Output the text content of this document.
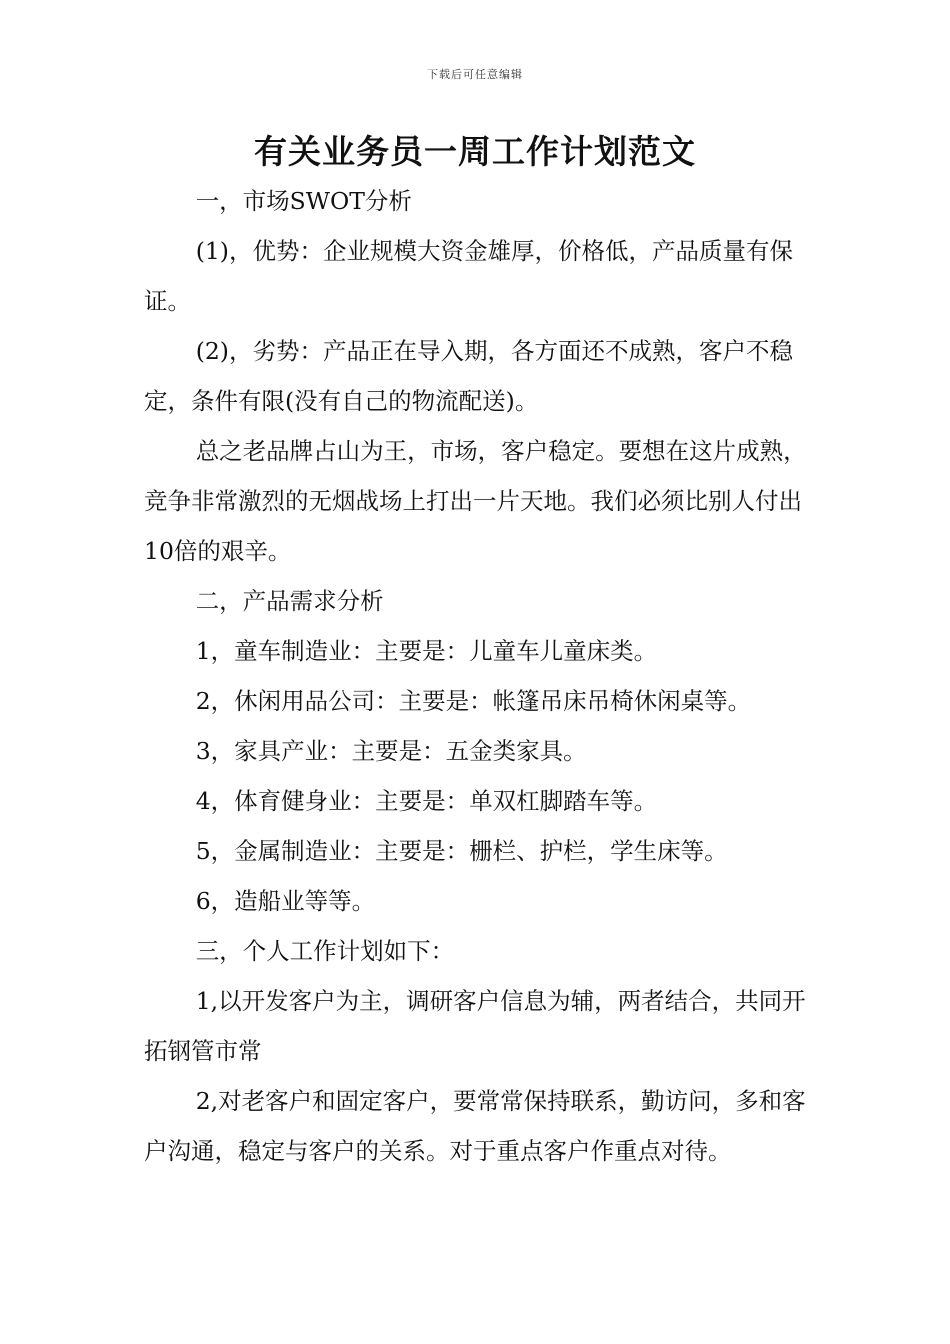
下载后可任意编辑
有关业务员一周工作计划范文

一，市场SWOT分析

(1)，优势：企业规模大资金雄厚，价格低，产品质量有保证。

(2)，劣势：产品正在导入期，各方面还不成熟，客户不稳定，条件有限(没有自己的物流配送)。

总之老品牌占山为王，市场，客户稳定。要想在这片成熟，竞争非常激烈的无烟战场上打出一片天地。我们必须比别人付出10倍的艰辛。

二，产品需求分析

1，童车制造业：主要是：儿童车儿童床类。

2，休闲用品公司：主要是：帐篷吊床吊椅休闲桌等。

3，家具产业：主要是：五金类家具。

4，体育健身业：主要是：单双杠脚踏车等。

5，金属制造业：主要是：栅栏、护栏，学生床等。

6，造船业等等。

三，个人工作计划如下：

1,以开发客户为主，调研客户信息为辅，两者结合，共同开拓钢管市常

2,对老客户和固定客户，要常常保持联系，勤访问，多和客户沟通，稳定与客户的关系。对于重点客户作重点对待。
